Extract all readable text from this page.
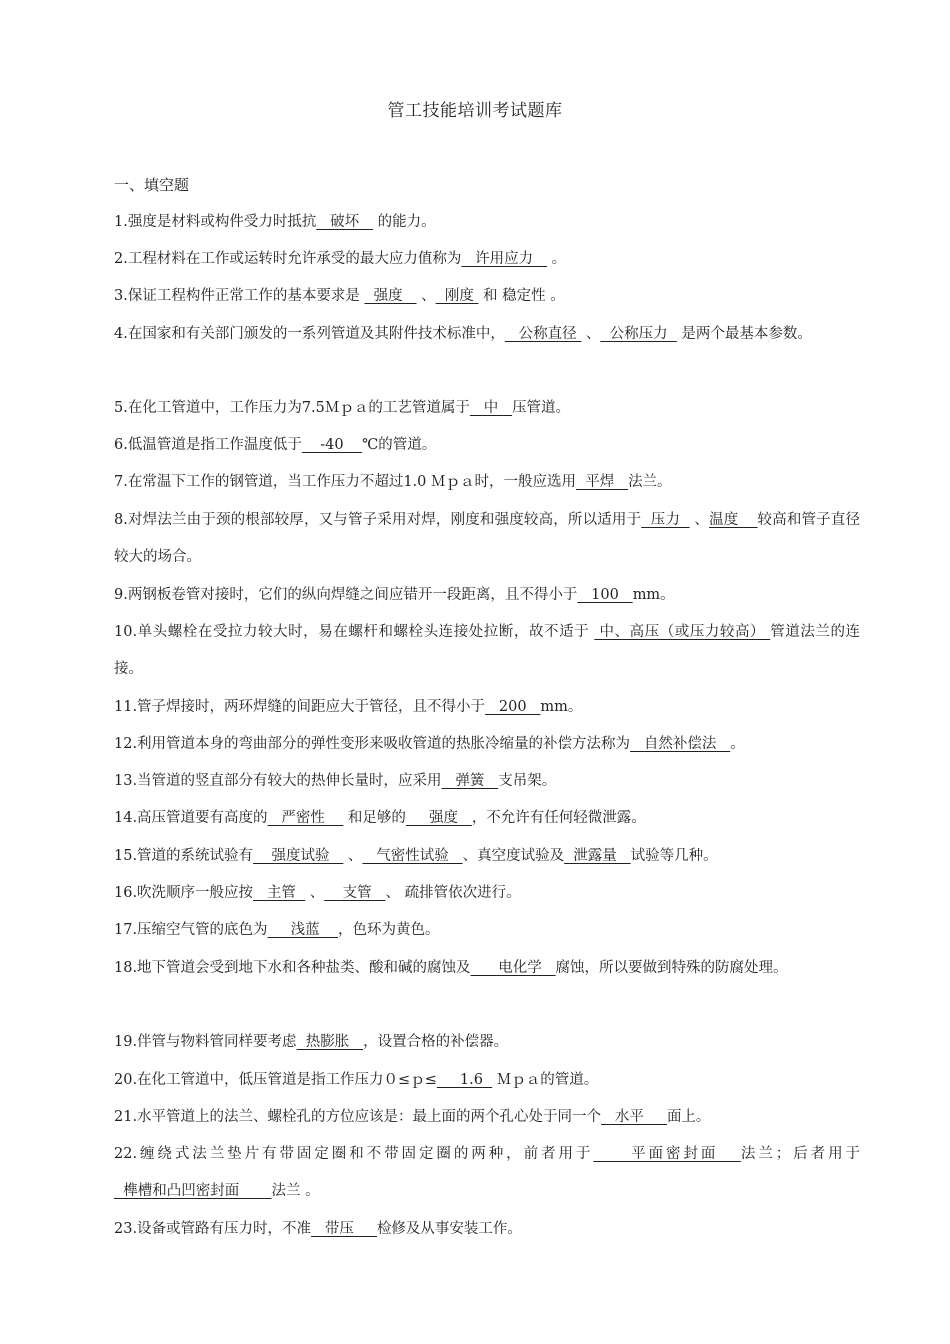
管工技能培训考试题库
一、填空题
1.强度是材料或构件受力时抵抗   破坏    的能力。
2.工程材料在工作或运转时允许承受的最大应力值称为   许用应力    。
3.保证工程构件正常工作的基本要求是   强度    、  刚度  和 稳定性 。
4.在国家和有关部门颁发的一系列管道及其附件技术标准中，   公称直径  、  公称压力   是两个最基本参数。
5.在化工管道中，工作压力为7.5Ｍｐａ的工艺管道属于   中   压管道。
6.低温管道是指工作温度低于    -40    ℃的管道。
7.在常温下工作的钢管道，当工作压力不超过1.0 Ｍｐａ时，一般应选用  平焊   法兰。
8.对焊法兰由于颈的根部较厚，又与管子采用对焊，刚度和强度较高，所以适用于  压力   、温度    较高和管子直径较大的场合。
9.两钢板卷管对接时，它们的纵向焊缝之间应错开一段距离，且不得小于   100   mm。
10.单头螺栓在受拉力较大时，易在螺杆和螺栓头连接处拉断，故不适于  中、高压（或压力较高） 管道法兰的连接。
11.管子焊接时，两环焊缝的间距应大于管径，且不得小于   200   mm。
12.利用管道本身的弯曲部分的弹性变形来吸收管道的热胀冷缩量的补偿方法称为   自然补偿法   。
13.当管道的竖直部分有较大的热伸长量时，应采用   弹簧   支吊架。
14.高压管道要有高度的   严密性     和足够的     强度   ，不允许有任何轻微泄露。
15.管道的系统试验有    强度试验    、   气密性试验   、真空度试验及  泄露量   试验等几种。
16.吹洗顺序一般应按   主管   、    支管   、 疏排管依次进行。
17.压缩空气管的底色为     浅蓝    ，色环为黄色。
18.地下管道会受到地下水和各种盐类、酸和碱的腐蚀及      电化学   腐蚀，所以要做到特殊的防腐处理。
19.伴管与物料管同样要考虑  热膨胀   ，设置合格的补偿器。
20.在化工管道中，低压管道是指工作压力０≤ｐ≤     1.6   Ｍｐａ的管道。
21.水平管道上的法兰、螺栓孔的方位应该是：最上面的两个孔心处于同一个   水平     面上。
22.缠绕式法兰垫片有带固定圈和不带固定圈的两种，前者用于     平面密封面   法兰；后者用于  榫槽和凸凹密封面       法兰 。
23.设备或管路有压力时，不准   带压     检修及从事安装工作。
